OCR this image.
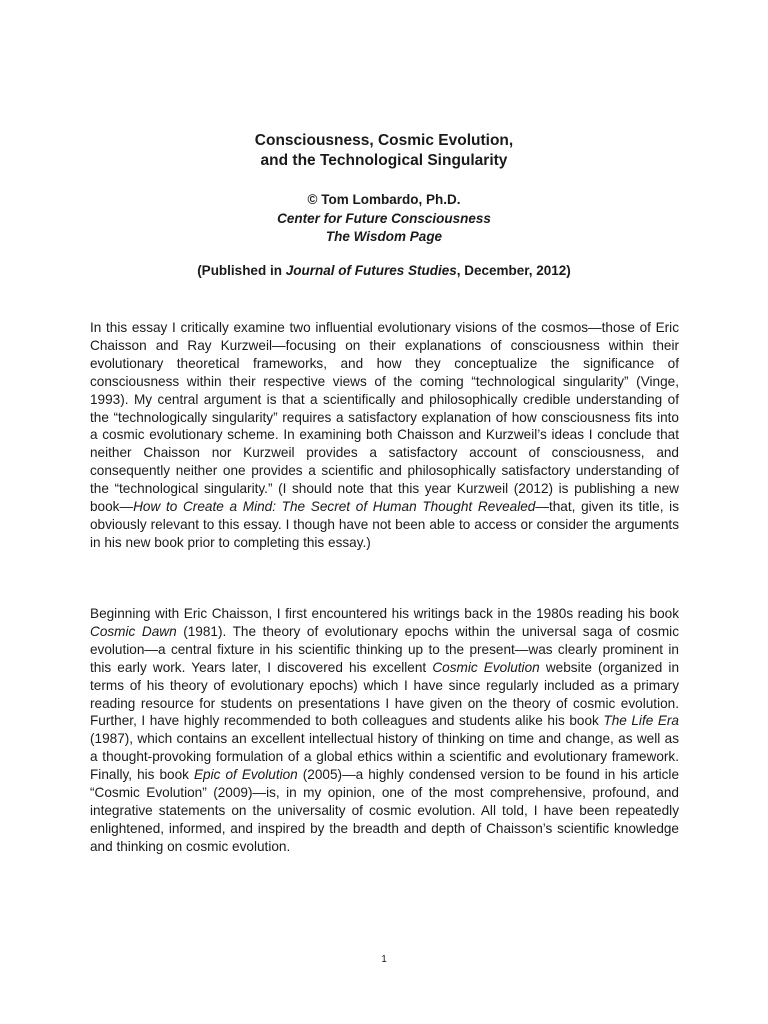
Consciousness, Cosmic Evolution,
and the Technological Singularity
© Tom Lombardo, Ph.D.
Center for Future Consciousness
The Wisdom Page
(Published in Journal of Futures Studies, December, 2012)

In this essay I critically examine two influential evolutionary visions of the cosmos—those of Eric Chaisson and Ray Kurzweil—focusing on their explanations of consciousness within their evolutionary theoretical frameworks, and how they conceptualize the significance of consciousness within their respective views of the coming “technological singularity” (Vinge, 1993). My central argument is that a scientifically and philosophically credible understanding of the “technologically singularity” requires a satisfactory explanation of how consciousness fits into a cosmic evolutionary scheme. In examining both Chaisson and Kurzweil’s ideas I conclude that neither Chaisson nor Kurzweil provides a satisfactory account of consciousness, and consequently neither one provides a scientific and philosophically satisfactory understanding of the “technological singularity.” (I should note that this year Kurzweil (2012) is publishing a new book—How to Create a Mind: The Secret of Human Thought Revealed—that, given its title, is obviously relevant to this essay. I though have not been able to access or consider the arguments in his new book prior to completing this essay.)

Beginning with Eric Chaisson, I first encountered his writings back in the 1980s reading his book Cosmic Dawn (1981). The theory of evolutionary epochs within the universal saga of cosmic evolution—a central fixture in his scientific thinking up to the present—was clearly prominent in this early work. Years later, I discovered his excellent Cosmic Evolution website (organized in terms of his theory of evolutionary epochs) which I have since regularly included as a primary reading resource for students on presentations I have given on the theory of cosmic evolution. Further, I have highly recommended to both colleagues and students alike his book The Life Era (1987), which contains an excellent intellectual history of thinking on time and change, as well as a thought-provoking formulation of a global ethics within a scientific and evolutionary framework. Finally, his book Epic of Evolution (2005)—a highly condensed version to be found in his article “Cosmic Evolution” (2009)—is, in my opinion, one of the most comprehensive, profound, and integrative statements on the universality of cosmic evolution. All told, I have been repeatedly enlightened, informed, and inspired by the breadth and depth of Chaisson’s scientific knowledge and thinking on cosmic evolution.

1
